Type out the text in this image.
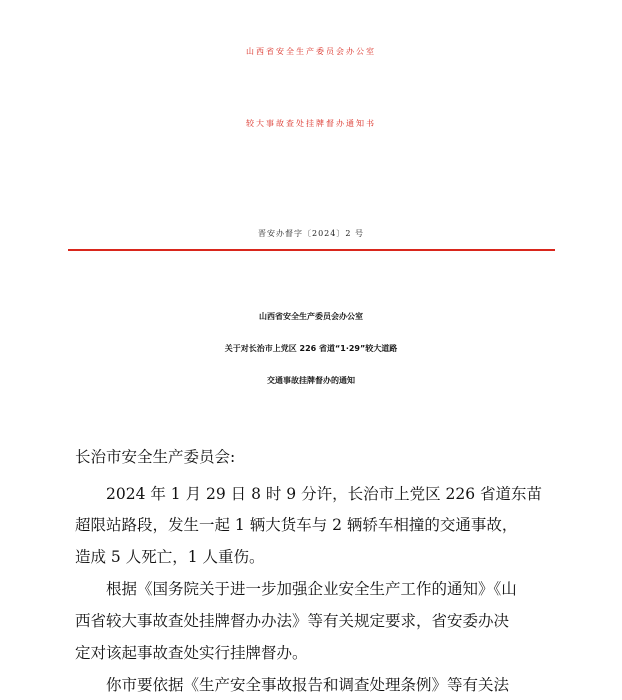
山西省安全生产委员会办公室
较大事故查处挂牌督办通知书
晋安办督字〔2024〕2 号
山西省安全生产委员会办公室
关于对长治市上党区 226 省道“1·29”较大道路
交通事故挂牌督办的通知
长治市安全生产委员会:
2024 年 1 月 29 日 8 时 9 分许，长治市上党区 226 省道东苗
超限站路段，发生一起 1 辆大货车与 2 辆轿车相撞的交通事故，
造成 5 人死亡，1 人重伤。
根据《国务院关于进一步加强企业安全生产工作的通知》《山
西省较大事故查处挂牌督办办法》等有关规定要求，省安委办决
定对该起事故查处实行挂牌督办。
你市要依据《生产安全事故报告和调查处理条例》等有关法
